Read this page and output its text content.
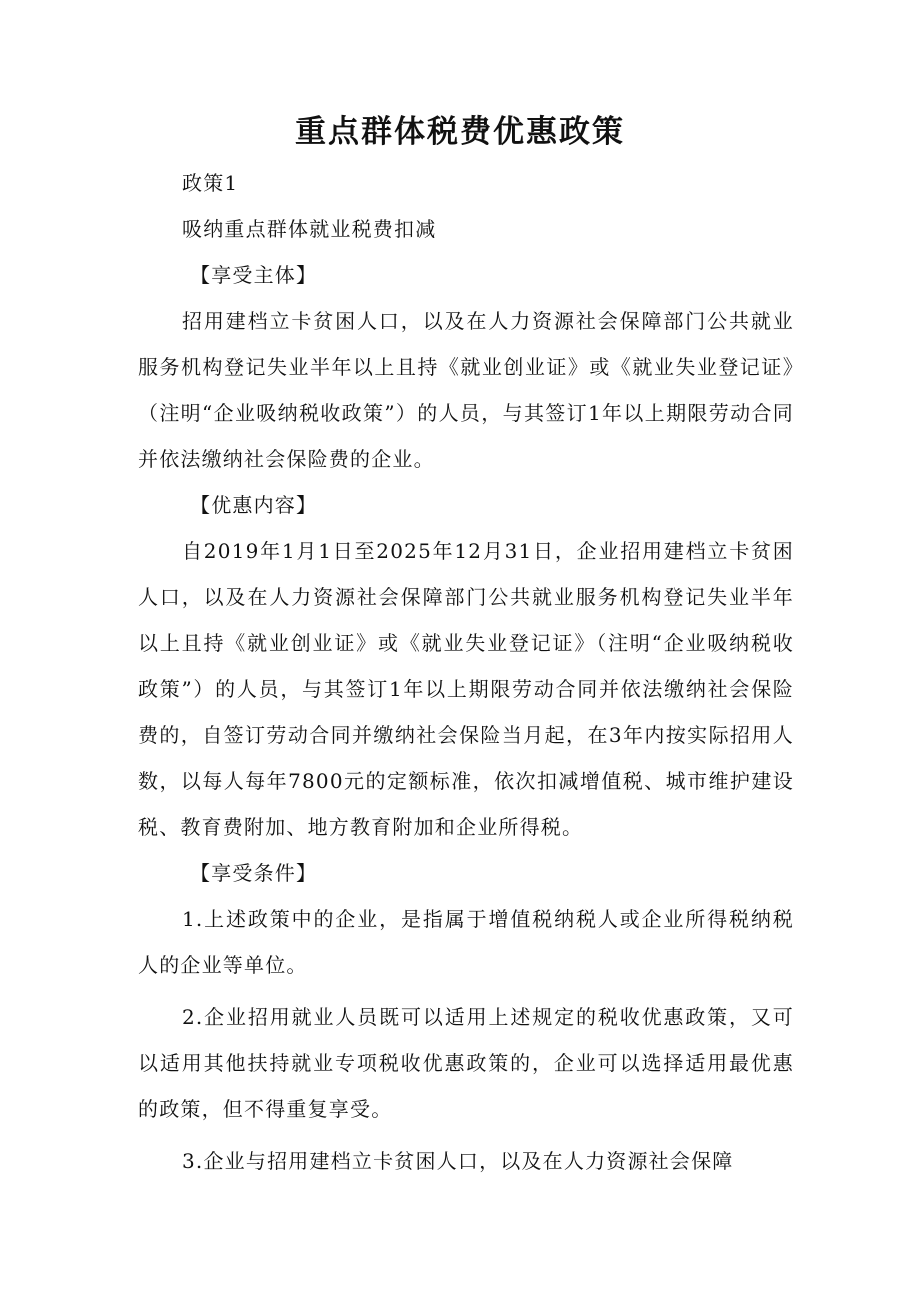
重点群体税费优惠政策

政策1

吸纳重点群体就业税费扣减

【享受主体】

招用建档立卡贫困人口，以及在人力资源社会保障部门公共就业服务机构登记失业半年以上且持《就业创业证》或《就业失业登记证》（注明“企业吸纳税收政策”）的人员，与其签订1年以上期限劳动合同并依法缴纳社会保险费的企业。

【优惠内容】

自2019年1月1日至2025年12月31日，企业招用建档立卡贫困人口，以及在人力资源社会保障部门公共就业服务机构登记失业半年以上且持《就业创业证》或《就业失业登记证》（注明“企业吸纳税收政策”）的人员，与其签订1年以上期限劳动合同并依法缴纳社会保险费的，自签订劳动合同并缴纳社会保险当月起，在3年内按实际招用人数，以每人每年7800元的定额标准，依次扣减增值税、城市维护建设税、教育费附加、地方教育附加和企业所得税。

【享受条件】

1.上述政策中的企业，是指属于增值税纳税人或企业所得税纳税人的企业等单位。

2.企业招用就业人员既可以适用上述规定的税收优惠政策，又可以适用其他扶持就业专项税收优惠政策的，企业可以选择适用最优惠的政策，但不得重复享受。

3.企业与招用建档立卡贫困人口，以及在人力资源社会保障
